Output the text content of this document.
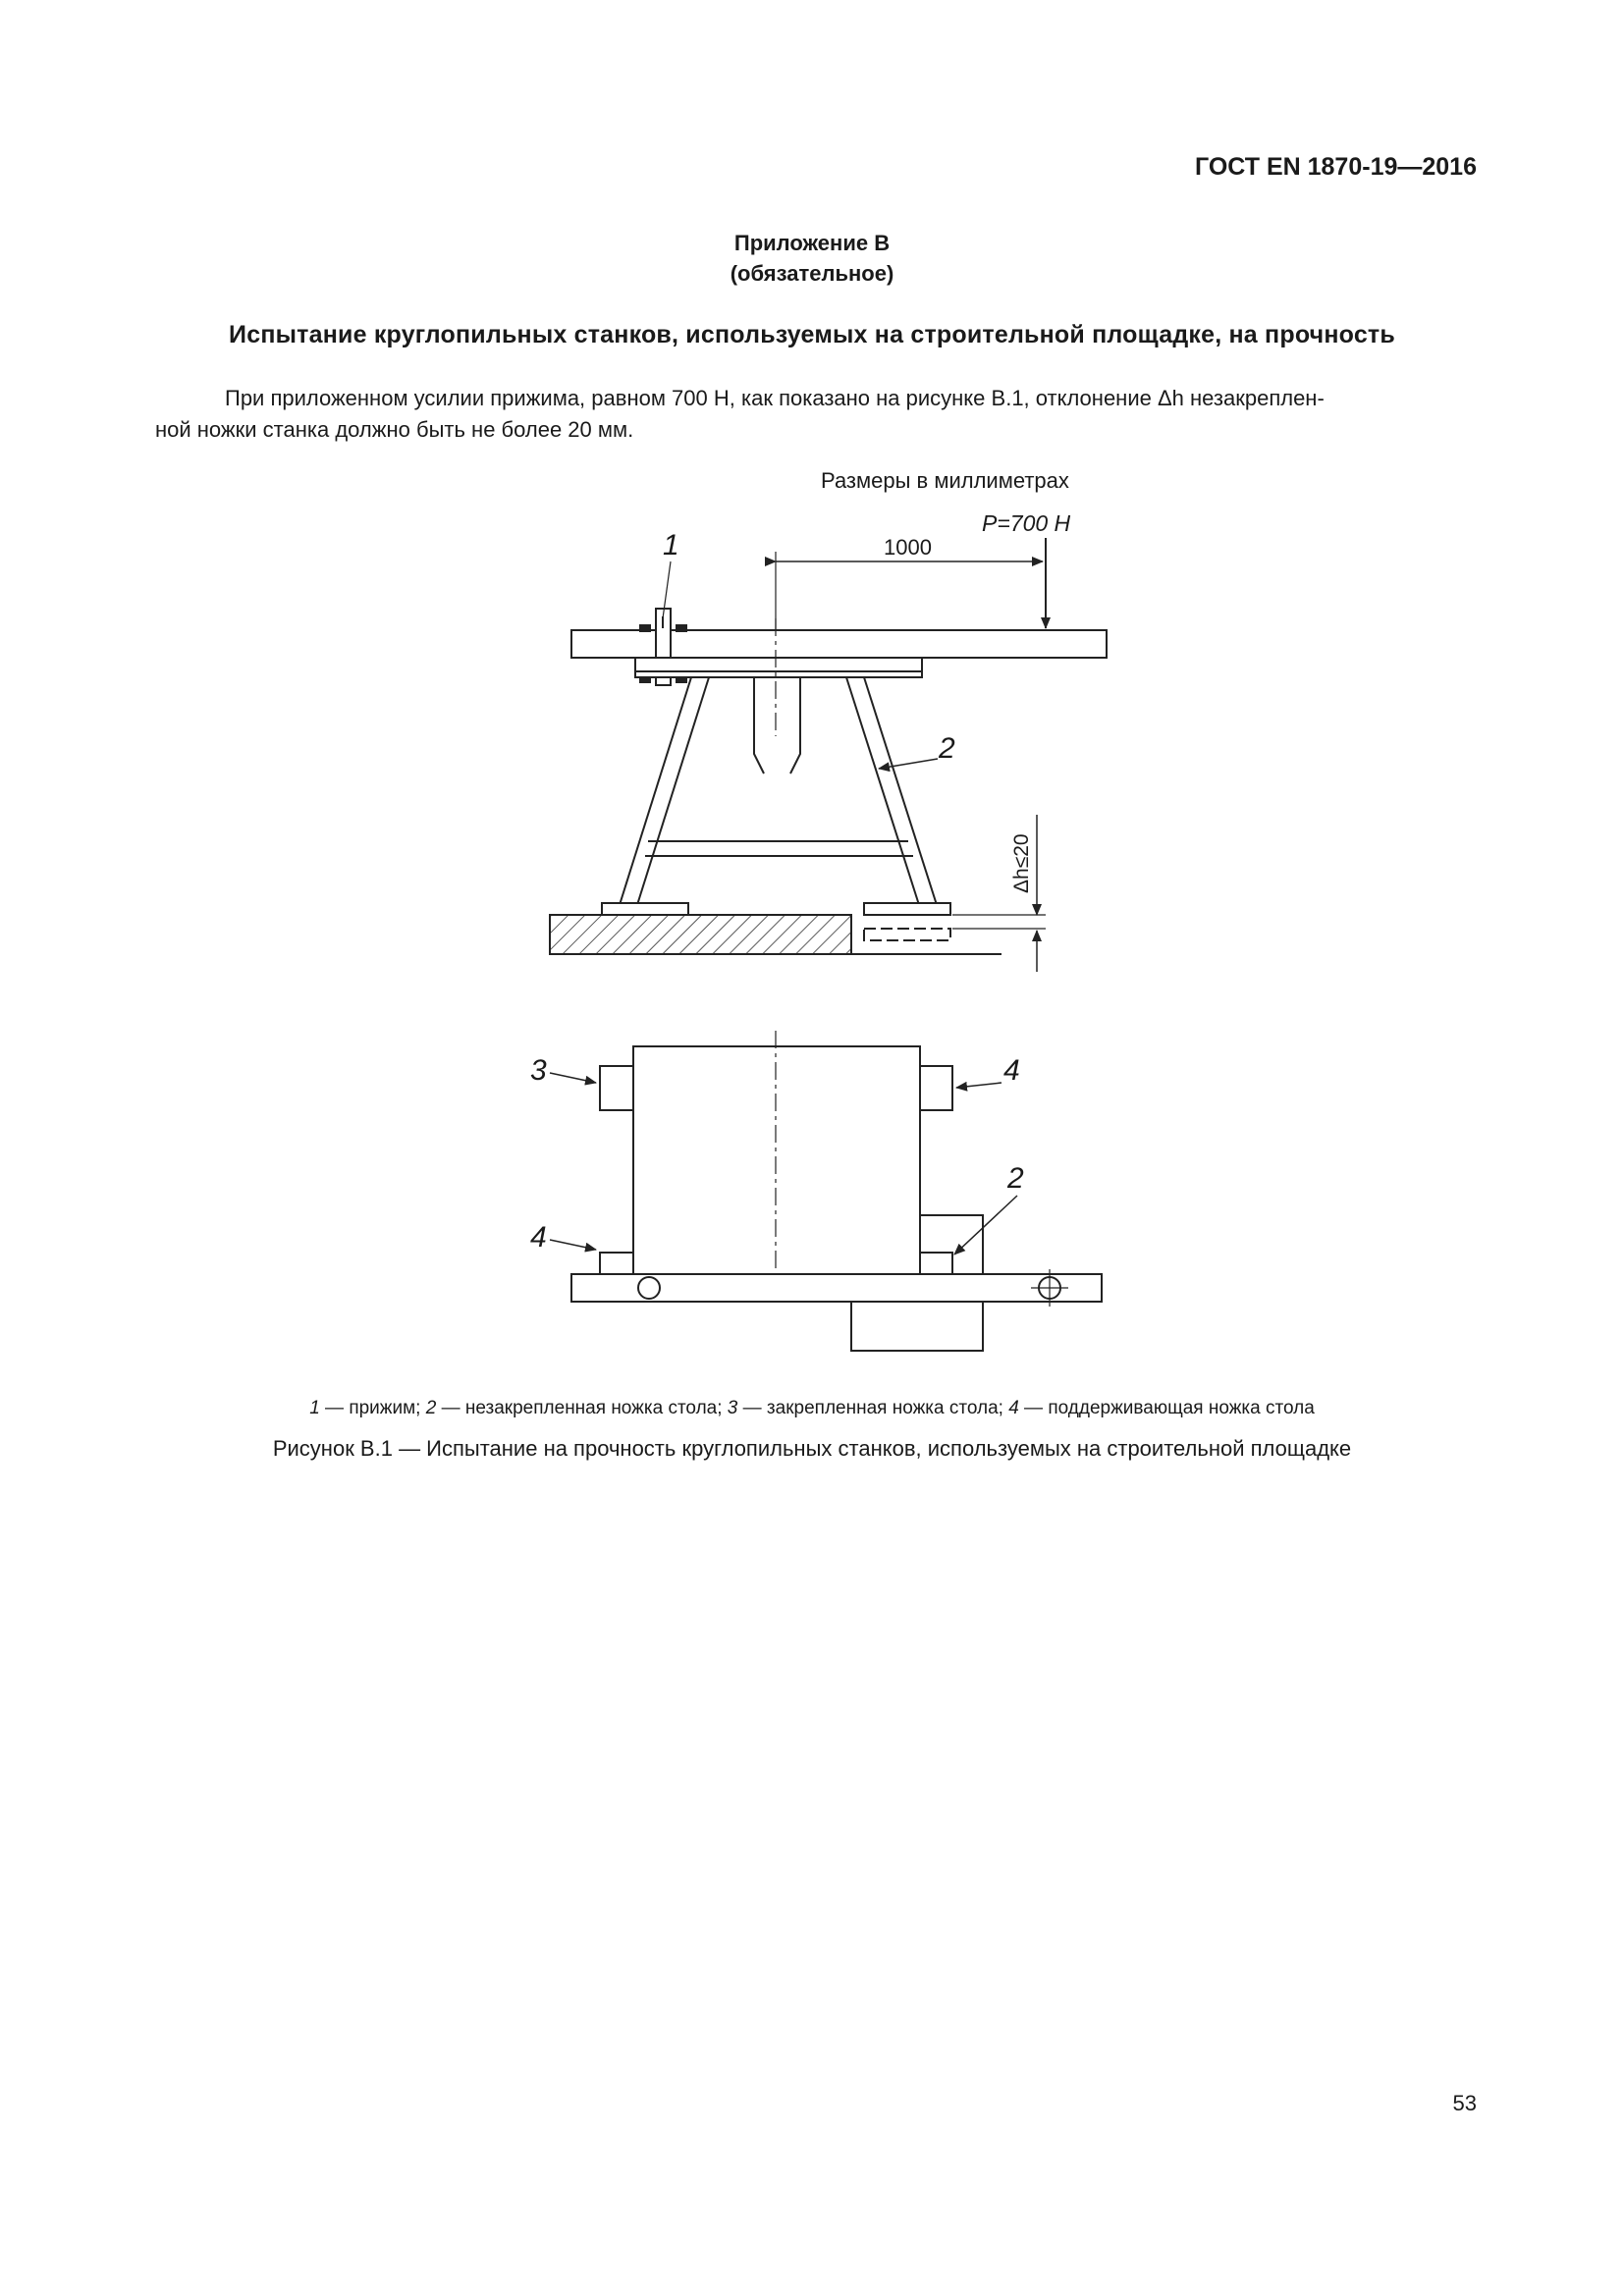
ГОСТ EN 1870-19—2016
Приложение В
(обязательное)
Испытание круглопильных станков, используемых на строительной площадке, на прочность

При приложенном усилии прижима, равном 700 Н, как показано на рисунке В.1, отклонение Δh незакреплен-

ной ножки станка должно быть не более 20 мм.

Размеры в миллиметрах
P=700 Н
1000
1
2
Δh≤20
3	4
2
4
1 — прижим; 2 — незакрепленная ножка стола; 3 — закрепленная ножка стола; 4 — поддерживающая ножка стола
Рисунок В.1 — Испытание на прочность круглопильных станков, используемых на строительной площадке
53
